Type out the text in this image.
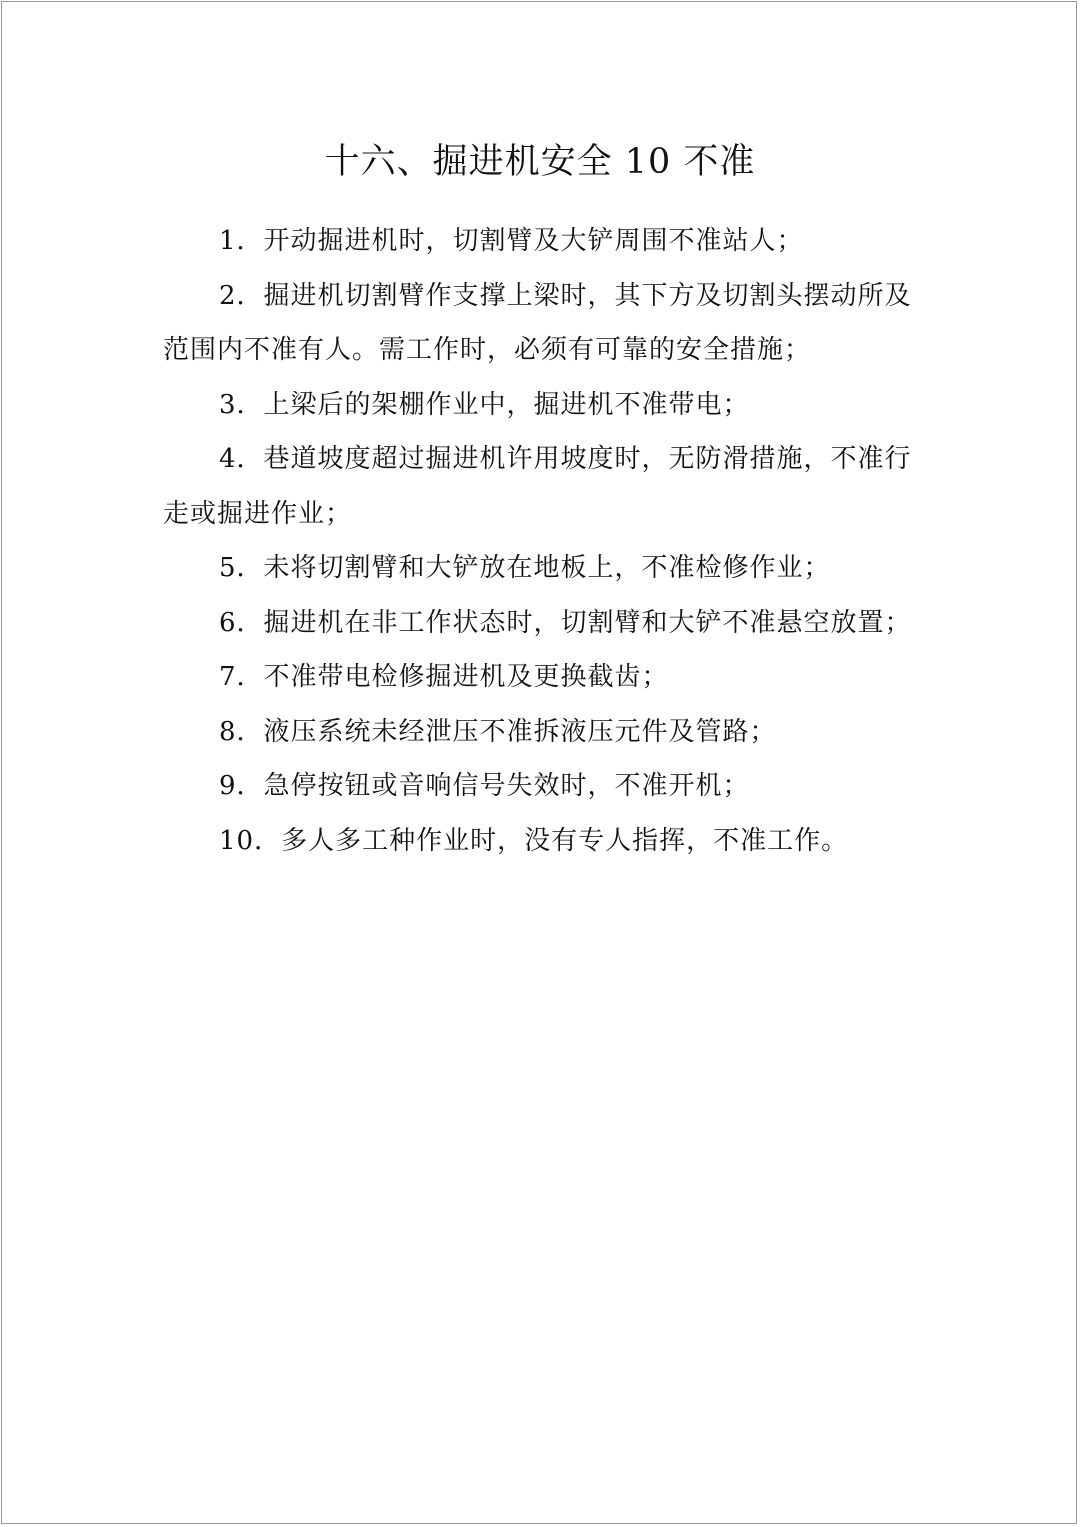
十六、掘进机安全 10 不准

1．开动掘进机时，切割臂及大铲周围不准站人；

2．掘进机切割臂作支撑上梁时，其下方及切割头摆动所及范围内不准有人。需工作时，必须有可靠的安全措施；

3．上梁后的架棚作业中，掘进机不准带电；

4．巷道坡度超过掘进机许用坡度时，无防滑措施，不准行走或掘进作业；

5．未将切割臂和大铲放在地板上，不准检修作业；

6．掘进机在非工作状态时，切割臂和大铲不准悬空放置；

7．不准带电检修掘进机及更换截齿；

8．液压系统未经泄压不准拆液压元件及管路；

9．急停按钮或音响信号失效时，不准开机；

10．多人多工种作业时，没有专人指挥，不准工作。
